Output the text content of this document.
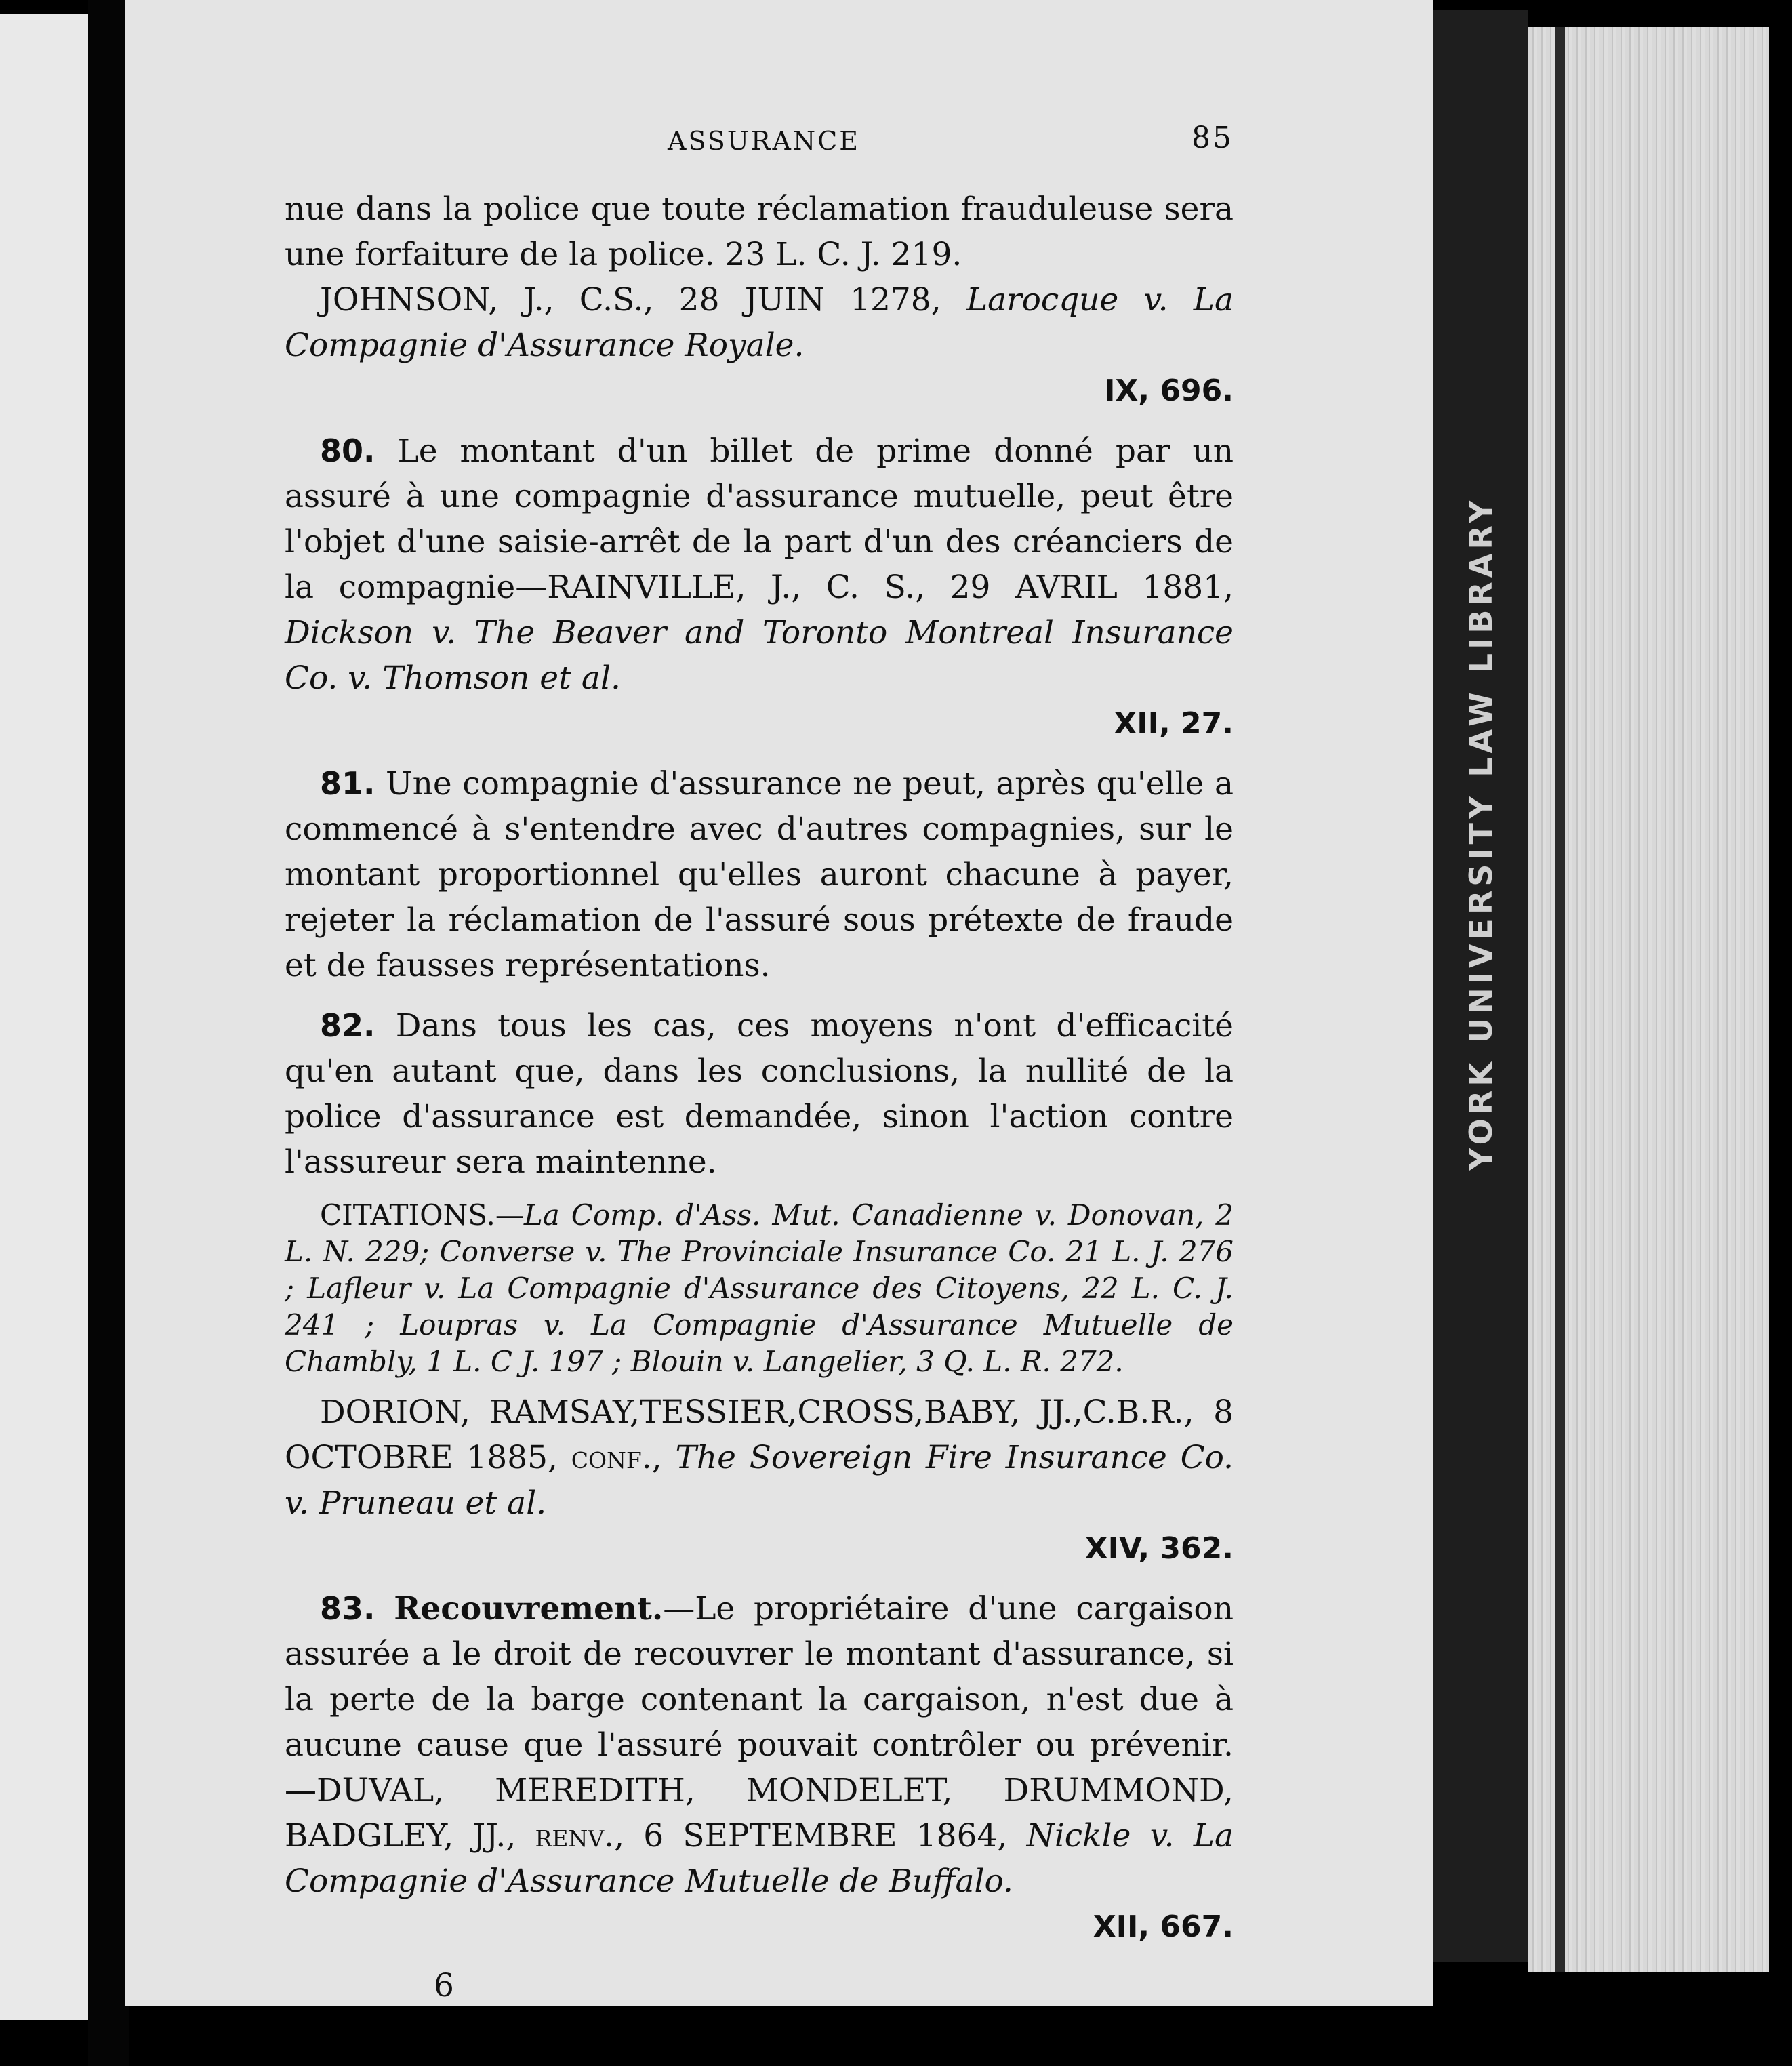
YORK UNIVERSITY LAW LIBRARY
ASSURANCE	85

nue dans la police que toute réclamation frauduleuse sera une forfaiture de la police. 23 L. C. J. 219.

JOHNSON, J., C.S., 28 JUIN 1278, Larocque v. La Compagnie d'Assurance Royale.

IX, 696.

80. Le montant d'un billet de prime donné par un assuré à une compagnie d'assurance mutuelle, peut être l'objet d'une saisie-arrêt de la part d'un des créanciers de la compagnie—RAINVILLE, J., C. S., 29 AVRIL 1881, Dickson v. The Beaver and Toronto Montreal Insurance Co. v. Thomson et al.

XII, 27.

81. Une compagnie d'assurance ne peut, après qu'elle a commencé à s'entendre avec d'autres compagnies, sur le montant proportionnel qu'elles auront chacune à payer, rejeter la réclamation de l'assuré sous prétexte de fraude et de fausses représentations.

82. Dans tous les cas, ces moyens n'ont d'efficacité qu'en autant que, dans les conclusions, la nullité de la police d'assurance est demandée, sinon l'action contre l'assureur sera maintenne.

CITATIONS.—La Comp. d'Ass. Mut. Canadienne v. Donovan, 2 L. N. 229; Converse v. The Provinciale Insurance Co. 21 L. J. 276 ; Lafleur v. La Compagnie d'Assurance des Citoyens, 22 L. C. J. 241 ; Loupras v. La Compagnie d'Assurance Mutuelle de Chambly, 1 L. C J. 197 ; Blouin v. Langelier, 3 Q. L. R. 272.

DORION, RAMSAY,TESSIER,CROSS,BABY, JJ.,C.B.R., 8 OCTOBRE 1885, conf., The Sovereign Fire Insurance Co. v. Pruneau et al.

XIV, 362.

83. Recouvrement.—Le propriétaire d'une cargaison assurée a le droit de recouvrer le montant d'assurance, si la perte de la barge contenant la cargaison, n'est due à aucune cause que l'assuré pouvait contrôler ou prévenir.—DUVAL, MEREDITH, MONDELET, DRUMMOND, BADGLEY, JJ., renv., 6 SEPTEMBRE 1864, Nickle v. La Compagnie d'Assurance Mutuelle de Buffalo.

XII, 667.
6
